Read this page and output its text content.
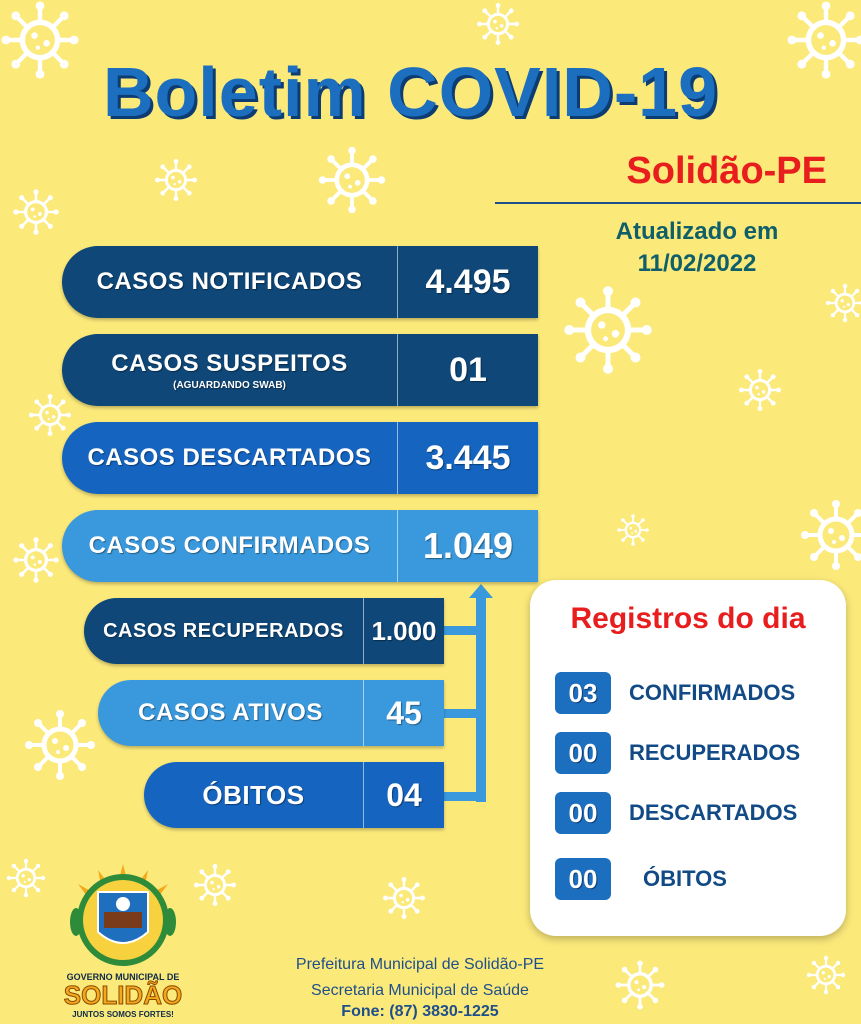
Boletim COVID-19
Solidão-PE
Atualizado em
11/02/2022
CASOS NOTIFICADOS	4.495
CASOS SUSPEITOS
(AGUARDANDO SWAB)	01
CASOS DESCARTADOS	3.445
CASOS CONFIRMADOS	1.049
CASOS RECUPERADOS	1.000
CASOS ATIVOS	45
ÓBITOS	04
Registros do dia
03	CONFIRMADOS
00	RECUPERADOS
00	DESCARTADOS
00	ÓBITOS
GOVERNO MUNICIPAL DE
SOLIDÃO
JUNTOS SOMOS FORTES!
Prefeitura Municipal de Solidão-PE
Secretaria Municipal de Saúde
Fone: (87) 3830-1225
